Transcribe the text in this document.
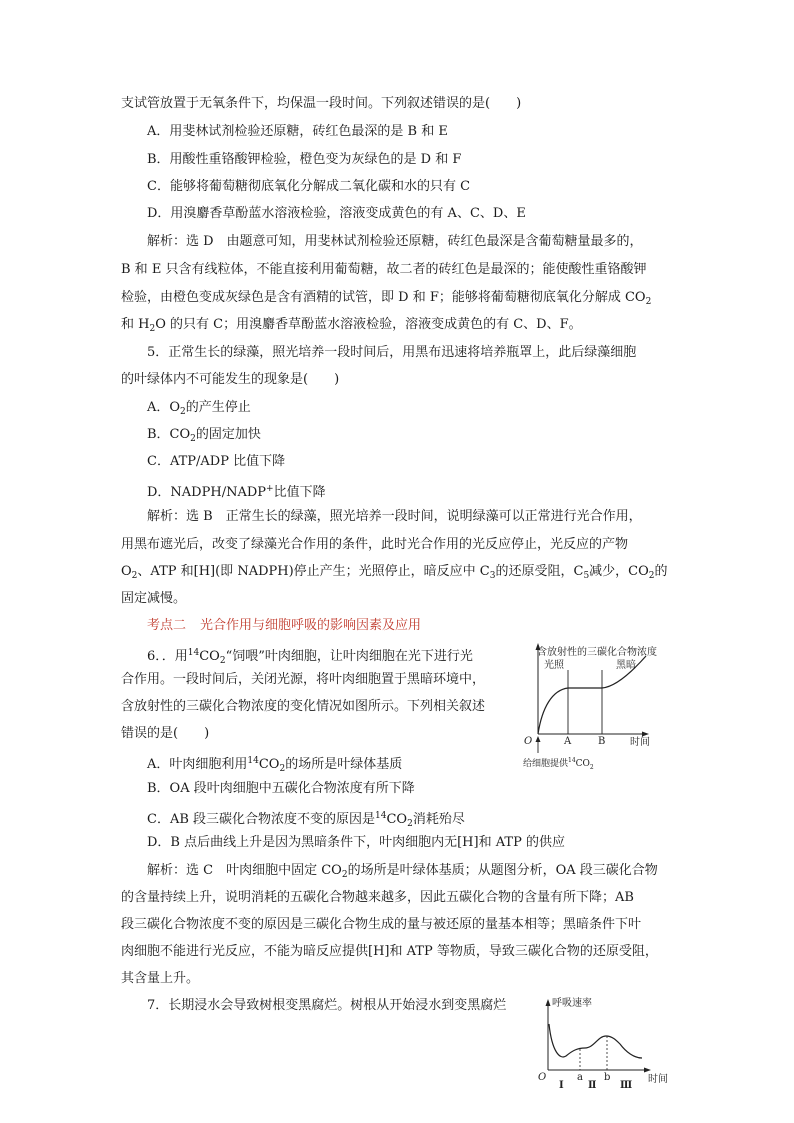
支试管放置于无氧条件下，均保温一段时间。下列叙述错误的是(　　)
A．用斐林试剂检验还原糖，砖红色最深的是 B 和 E
B．用酸性重铬酸钾检验，橙色变为灰绿色的是 D 和 F
C．能够将葡萄糖彻底氧化分解成二氧化碳和水的只有 C
D．用溴麝香草酚蓝水溶液检验，溶液变成黄色的有 A、C、D、E
解析：选 D　由题意可知，用斐林试剂检验还原糖，砖红色最深是含葡萄糖量最多的，
B 和 E 只含有线粒体，不能直接利用葡萄糖，故二者的砖红色是最深的；能使酸性重铬酸钾
检验，由橙色变成灰绿色是含有酒精的试管，即 D 和 F；能够将葡萄糖彻底氧化分解成 $CO_2$
和 $H_2O$ 的只有 C；用溴麝香草酚蓝水溶液检验，溶液变成黄色的有 C、D、F。
5．正常生长的绿藻，照光培养一段时间后，用黑布迅速将培养瓶罩上，此后绿藻细胞
的叶绿体内不可能发生的现象是(　　)
A．$O_2$的产生停止
B．$CO_2$的固定加快
C．ATP/ADP 比值下降
D．NADPH/NADP+比值下降
解析：选 B　正常生长的绿藻，照光培养一段时间，说明绿藻可以正常进行光合作用，
用黑布遮光后，改变了绿藻光合作用的条件，此时光合作用的光反应停止，光反应的产物
$O_2$、ATP 和[H](即 NADPH)停止产生；光照停止，暗反应中 $C_3$的还原受阻，$C_5$减少，$CO_2$的
固定减慢。
考点二 光合作用与细胞呼吸的影响因素及应用
6．．用$^{14}CO_2“$饲喂”叶肉细胞，让叶肉细胞在光下进行光
合作用。一段时间后，关闭光源，将叶肉细胞置于黑暗环境中，
含放射性的三碳化合物浓度的变化情况如图所示。下列相关叙述
错误的是(　　)
A．叶肉细胞利用$^{14}CO_2$的场所是叶绿体基质
B．OA 段叶肉细胞中五碳化合物浓度有所下降
C．AB 段三碳化合物浓度不变的原因是$^{14}CO_2$消耗殆尽
D．B 点后曲线上升是因为黑暗条件下，叶肉细胞内无[H]和 ATP 的供应
解析：选 C　叶肉细胞中固定 $CO_2$的场所是叶绿体基质；从题图分析，OA 段三碳化合物
的含量持续上升，说明消耗的五碳化合物越来越多，因此五碳化合物的含量有所下降；AB
段三碳化合物浓度不变的原因是三碳化合物生成的量与被还原的量基本相等；黑暗条件下叶
肉细胞不能进行光反应，不能为暗反应提供[H]和 ATP 等物质，导致三碳化合物的还原受阻，
其含量上升。
7．长期浸水会导致树根变黑腐烂。树根从开始浸水到变黑腐烂
含放射性的三碳化合物浓度
光照	黑暗
O	A	B 时间
给细胞提供$^{14}CO_2$
呼吸速率
O	a b
Ⅰ Ⅱ Ⅲ
时间
